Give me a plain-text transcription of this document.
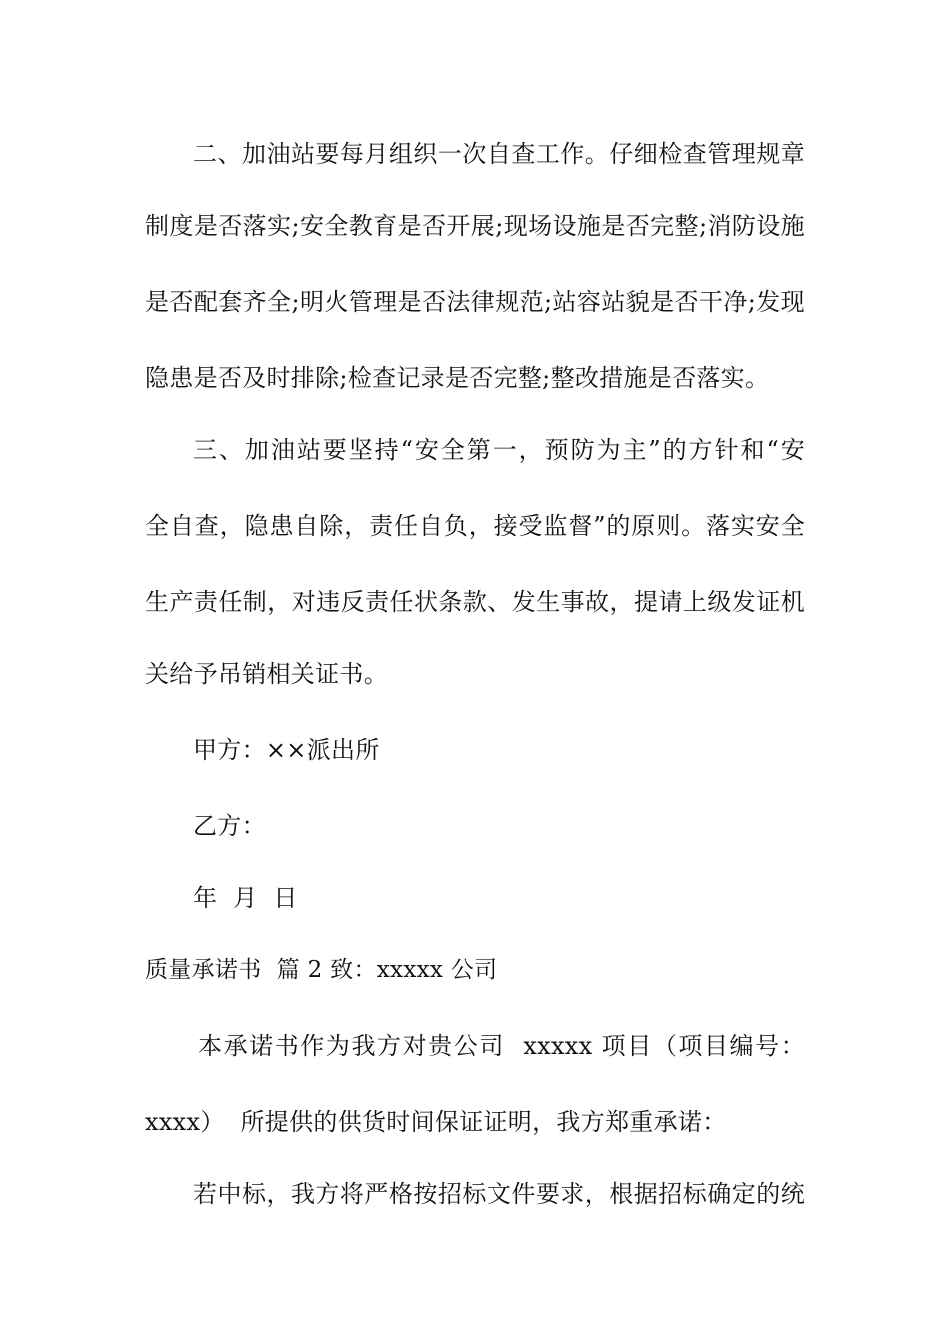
二、加油站要每月组织一次自查工作。仔细检查管理规章
制度是否落实;安全教育是否开展;现场设施是否完整;消防设施
是否配套齐全;明火管理是否法律规范;站容站貌是否干净;发现
隐患是否及时排除;检查记录是否完整;整改措施是否落实。
三、加油站要坚持“安全第一，预防为主”的方针和“安
全自查，隐患自除，责任自负，接受监督”的原则。落实安全
生产责任制，对违反责任状条款、发生事故，提请上级发证机
关给予吊销相关证书。
甲方：××派出所
乙方：
年  月  日
质量承诺书  篇 2 致：xxxxx 公司
本承诺书作为我方对贵公司  xxxxx 项目（项目编号：
xxxx）  所提供的供货时间保证证明，我方郑重承诺：
若中标，我方将严格按招标文件要求，根据招标确定的统
